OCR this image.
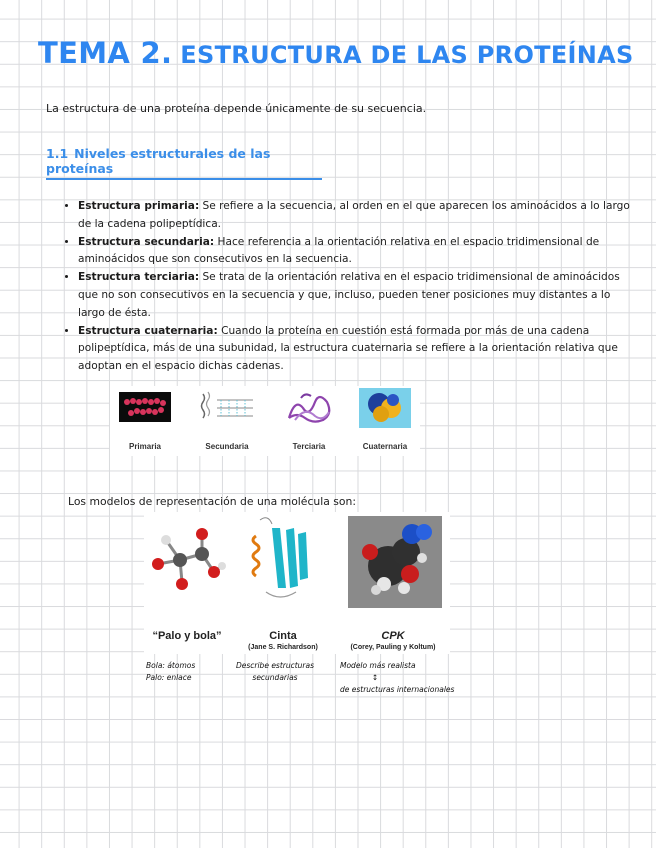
TEMA 2. ESTRUCTURA DE LAS PROTEÍNAS
La estructura de una proteína depende únicamente de su secuencia.
1.1 Niveles estructurales de las proteínas
• Estructura primaria: Se refiere a la secuencia, al orden en el que aparecen los aminoácidos a lo largo de la cadena polipeptídica.
• Estructura secundaria: Hace referencia a la orientación relativa en el espacio tridimensional de aminoácidos que son consecutivos en la secuencia.
• Estructura terciaria: Se trata de la orientación relativa en el espacio tridimensional de aminoácidos que no son consecutivos en la secuencia y que, incluso, pueden tener posiciones muy distantes a lo largo de ésta.
• Estructura cuaternaria: Cuando la proteína en cuestión está formada por más de una cadena polipeptídica, más de una subunidad, la estructura cuaternaria se refiere a la orientación relativa que adoptan en el espacio dichas cadenas.
Primaria	Secundaria	Terciaria	Cuaternaria
Los modelos de representación de una molécula son:
“Palo y bola”	Cinta
(Jane S. Richardson)
CPK
(Corey, Pauling y Koltum)
Bola: átomos
Palo: enlace
Describe estructuras
secundarias
Modelo más realista
↕
de estructuras internacionales
